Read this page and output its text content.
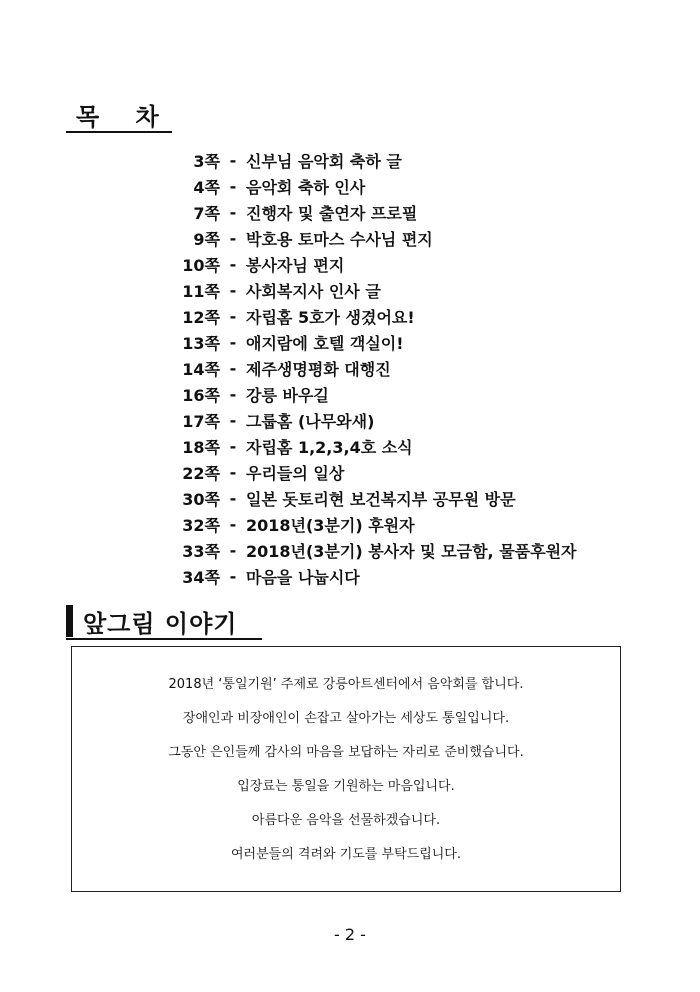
목 차
3쪽 - 신부님 음악회 축하 글
4쪽 - 음악회 축하 인사
7쪽 - 진행자 및 출연자 프로필
9쪽 - 박호용 토마스 수사님 편지
10쪽 - 봉사자님 편지
11쪽 - 사회복지사 인사 글
12쪽 - 자립홈 5호가 생겼어요!
13쪽 - 애지람에 호텔 객실이!
14쪽 - 제주생명평화 대행진
16쪽 - 강릉 바우길
17쪽 - 그룹홈 (나무와새)
18쪽 - 자립홈 1,2,3,4호 소식
22쪽 - 우리들의 일상
30쪽 - 일본 돗토리현 보건복지부 공무원 방문
32쪽 - 2018년(3분기) 후원자
33쪽 - 2018년(3분기) 봉사자 및 모금함, 물품후원자
34쪽 - 마음을 나눕시다
앞그림 이야기
2018년 ‘통일기원’ 주제로 강릉아트센터에서 음악회를 합니다.
장애인과 비장애인이 손잡고 살아가는 세상도 통일입니다.
그동안 은인들께 감사의 마음을 보답하는 자리로 준비했습니다.
입장료는 통일을 기원하는 마음입니다.
아름다운 음악을 선물하겠습니다.
여러분들의 격려와 기도를 부탁드립니다.
- 2 -
